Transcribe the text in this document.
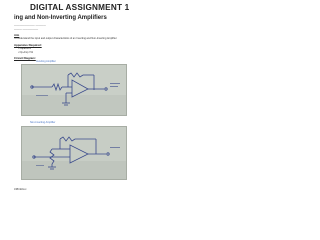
DIGITAL ASSIGNMENT 1
ing and Non-Inverting Amplifiers
———————— ————
——— ——————
Aim
To understand the input and output characteristics of an Inverting and Non-Inverting Amplifier
Apparatus Required:
• Capacitors
• Op-Amp 741
Circuit Diagram:
Inverting Amplifier
Non-Inverting Amplifier
19BCE0xxx
